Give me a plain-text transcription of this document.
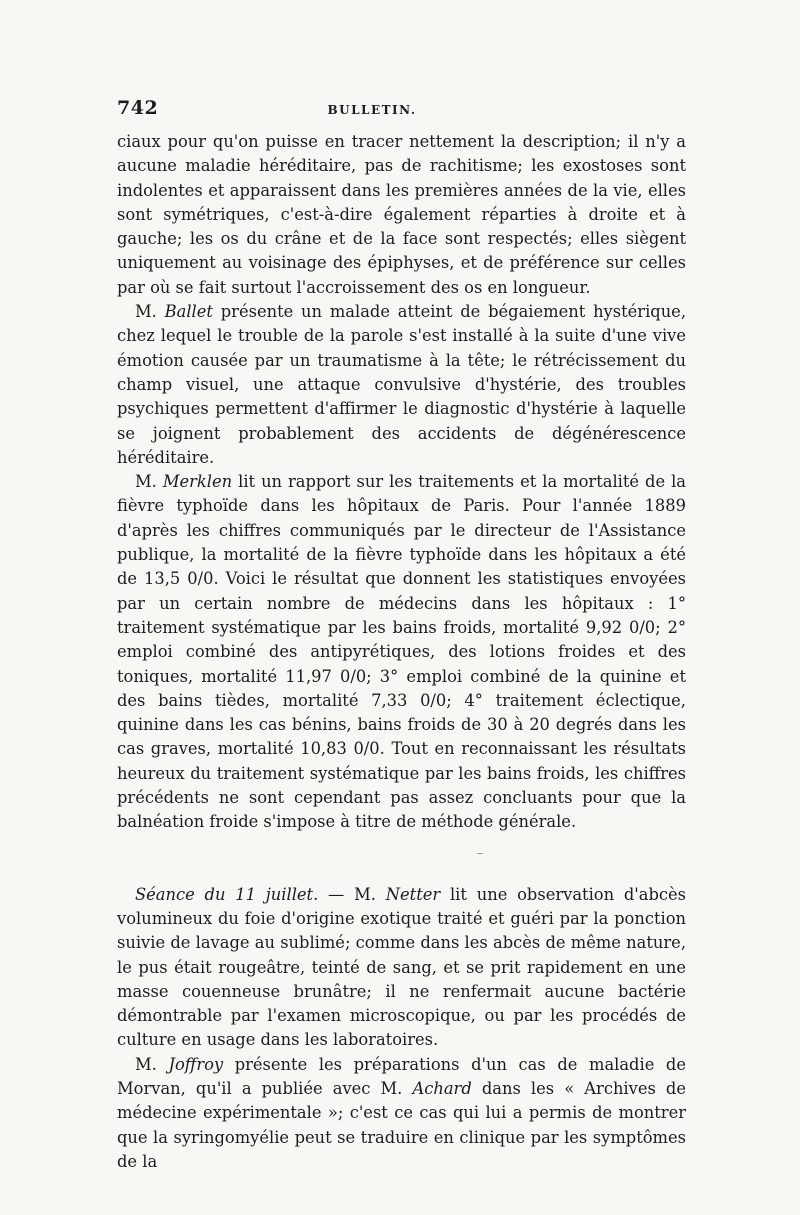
742	BULLETIN.

ciaux pour qu'on puisse en tracer nettement la description; il n'y a aucune maladie héréditaire, pas de rachitisme; les exostoses sont indolentes et apparaissent dans les premières années de la vie, elles sont symétriques, c'est-à-dire également réparties à droite et à gauche; les os du crâne et de la face sont respectés; elles siègent uniquement au voisinage des épiphyses, et de préférence sur celles par où se fait surtout l'accroissement des os en longueur.

M. Ballet présente un malade atteint de bégaiement hystérique, chez lequel le trouble de la parole s'est installé à la suite d'une vive émotion causée par un traumatisme à la tête; le rétrécissement du champ visuel, une attaque convulsive d'hystérie, des troubles psychiques permettent d'affirmer le diagnostic d'hystérie à laquelle se joignent probablement des accidents de dégénérescence héréditaire.

M. Merklen lit un rapport sur les traitements et la mortalité de la fièvre typhoïde dans les hôpitaux de Paris. Pour l'année 1889 d'après les chiffres communiqués par le directeur de l'Assistance publique, la mortalité de la fièvre typhoïde dans les hôpitaux a été de 13,5 0/0. Voici le résultat que donnent les statistiques envoyées par un certain nombre de médecins dans les hôpitaux : 1° traitement systématique par les bains froids, mortalité 9,92 0/0; 2° emploi combiné des antipyrétiques, des lotions froides et des toniques, mortalité 11,97 0/0; 3° emploi combiné de la quinine et des bains tièdes, mortalité 7,33 0/0; 4° traitement éclectique, quinine dans les cas bénins, bains froids de 30 à 20 degrés dans les cas graves, mortalité 10,83 0/0. Tout en reconnaissant les résultats heureux du traitement systématique par les bains froids, les chiffres précédents ne sont cependant pas assez concluants pour que la balnéation froide s'impose à titre de méthode générale.

Séance du 11 juillet. — M. Netter lit une observation d'abcès volumineux du foie d'origine exotique traité et guéri par la ponction suivie de lavage au sublimé; comme dans les abcès de même nature, le pus était rougeâtre, teinté de sang, et se prit rapidement en une masse couenneuse brunâtre; il ne renfermait aucune bactérie démontrable par l'examen microscopique, ou par les procédés de culture en usage dans les laboratoires.

M. Joffroy présente les préparations d'un cas de maladie de Morvan, qu'il a publiée avec M. Achard dans les « Archives de médecine expérimentale »; c'est ce cas qui lui a permis de montrer que la syringomyélie peut se traduire en clinique par les symptômes de la
